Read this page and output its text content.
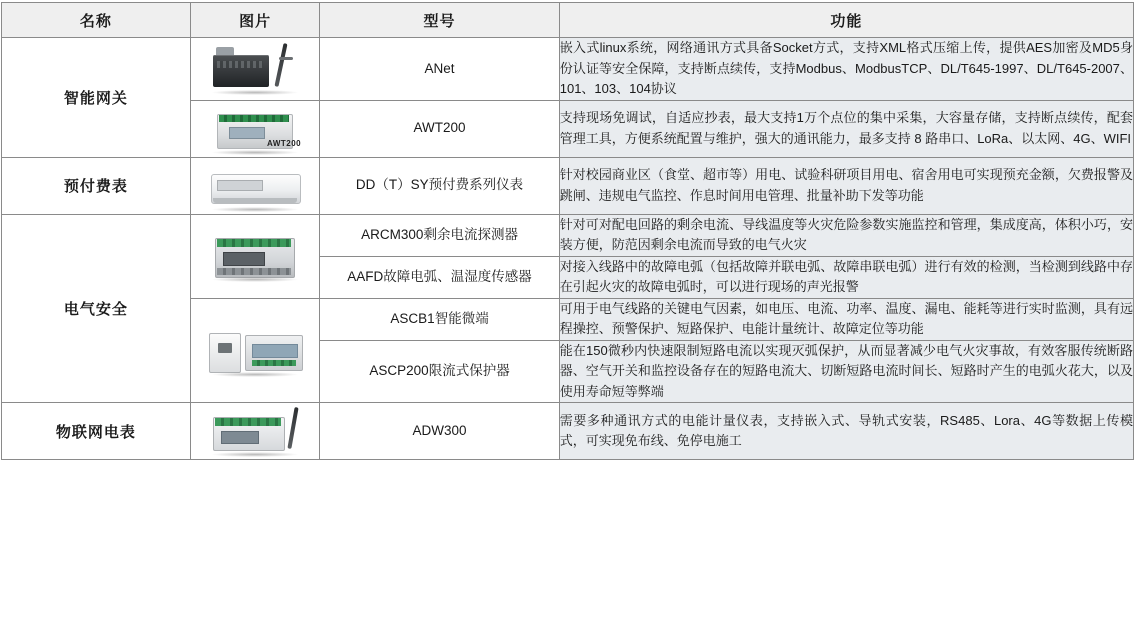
名称	图片	型号	功能
智能网关		ANet	嵌入式linux系统，网络通讯方式具备Socket方式，支持XML格式压缩上传，提供AES加密及MD5身份认证等安全保障，支持断点续传，支持Modbus、ModbusTCP、DL/T645-1997、DL/T645-2007、101、103、104协议

	AWT200	AWT200	支持现场免调试，自适应抄表，最大支持1万个点位的集中采集，大容量存储，支持断点续传，配套管理工具，方便系统配置与维护，强大的通讯能力，最多支持 8 路串口、LoRa、以太网、4G、WIFI
预付费表		DD（T）SY预付费系列仪表	针对校园商业区（食堂、超市等）用电、试验科研项目用电、宿舍用电可实现预充金额，欠费报警及跳闸、违规电气监控、作息时间用电管理、批量补助下发等功能
电气安全		ARCM300剩余电流探测器	针对可对配电回路的剩余电流、导线温度等火灾危险参数实施监控和管理，集成度高，体积小巧，安装方便，防范因剩余电流而导致的电气火灾
		AAFD故障电弧、温湿度传感器	对接入线路中的故障电弧（包括故障并联电弧、故障串联电弧）进行有效的检测，当检测到线路中存在引起火灾的故障电弧时，可以进行现场的声光报警

		ASCB1智能微端	可用于电气线路的关键电气因素，如电压、电流、功率、温度、漏电、能耗等进行实时监测，具有远程操控、预警保护、短路保护、电能计量统计、故障定位等功能
		ASCP200限流式保护器	能在150微秒内快速限制短路电流以实现灭弧保护，从而显著减少电气火灾事故，有效客服传统断路器、空气开关和监控设备存在的短路电流大、切断短路电流时间长、短路时产生的电弧火花大，以及使用寿命短等弊端
物联网电表		ADW300	需要多种通讯方式的电能计量仪表，支持嵌入式、导轨式安装，RS485、Lora、4G等数据上传模式，可实现免布线、免停电施工
